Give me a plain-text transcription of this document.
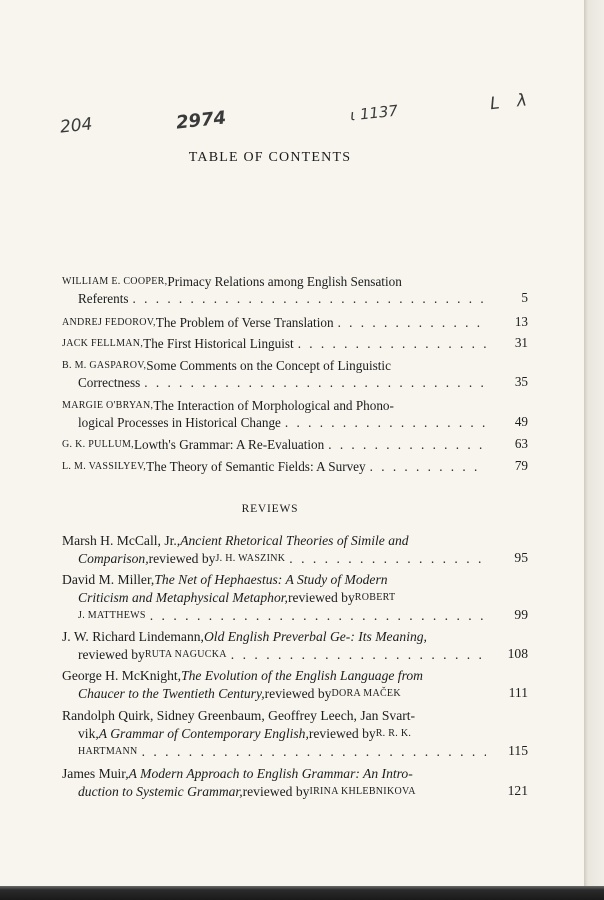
204	2974	ι 1137	L λ
TABLE OF CONTENTS
WILLIAM E. COOPER, Primacy Relations among English Sensation
Referents . . .	5
ANDREJ FEDOROV, The Problem of Verse Translation . . .	13
JACK FELLMAN, The First Historical Linguist . . .	31
B. M. GASPAROV, Some Comments on the Concept of Linguistic
Correctness . . .	35
MARGIE O'BRYAN, The Interaction of Morphological and Phono-
logical Processes in Historical Change . . .	49
G. K. PULLUM, Lowth's Grammar: A Re-Evaluation . . .	63
L. M. VASSILYEV, The Theory of Semantic Fields: A Survey . . .	79
REVIEWS
Marsh H. McCall, Jr., Ancient Rhetorical Theories of Simile and
Comparison, reviewed by J. H. WASZINK . . .	95
David M. Miller, The Net of Hephaestus: A Study of Modern
Criticism and Metaphysical Metaphor, reviewed by ROBERT
J. MATTHEWS . . .	99
J. W. Richard Lindemann, Old English Preverbal Ge-: Its Meaning,
reviewed by RUTA NAGUCKA . . .	108
George H. McKnight, The Evolution of the English Language from
Chaucer to the Twentieth Century, reviewed by DORA MAČEK	111
Randolph Quirk, Sidney Greenbaum, Geoffrey Leech, Jan Svart-
vik, A Grammar of Contemporary English, reviewed by R. R. K.
HARTMANN . . .	115
James Muir, A Modern Approach to English Grammar: An Intro-
duction to Systemic Grammar, reviewed by IRINA KHLEBNIKOVA	121
